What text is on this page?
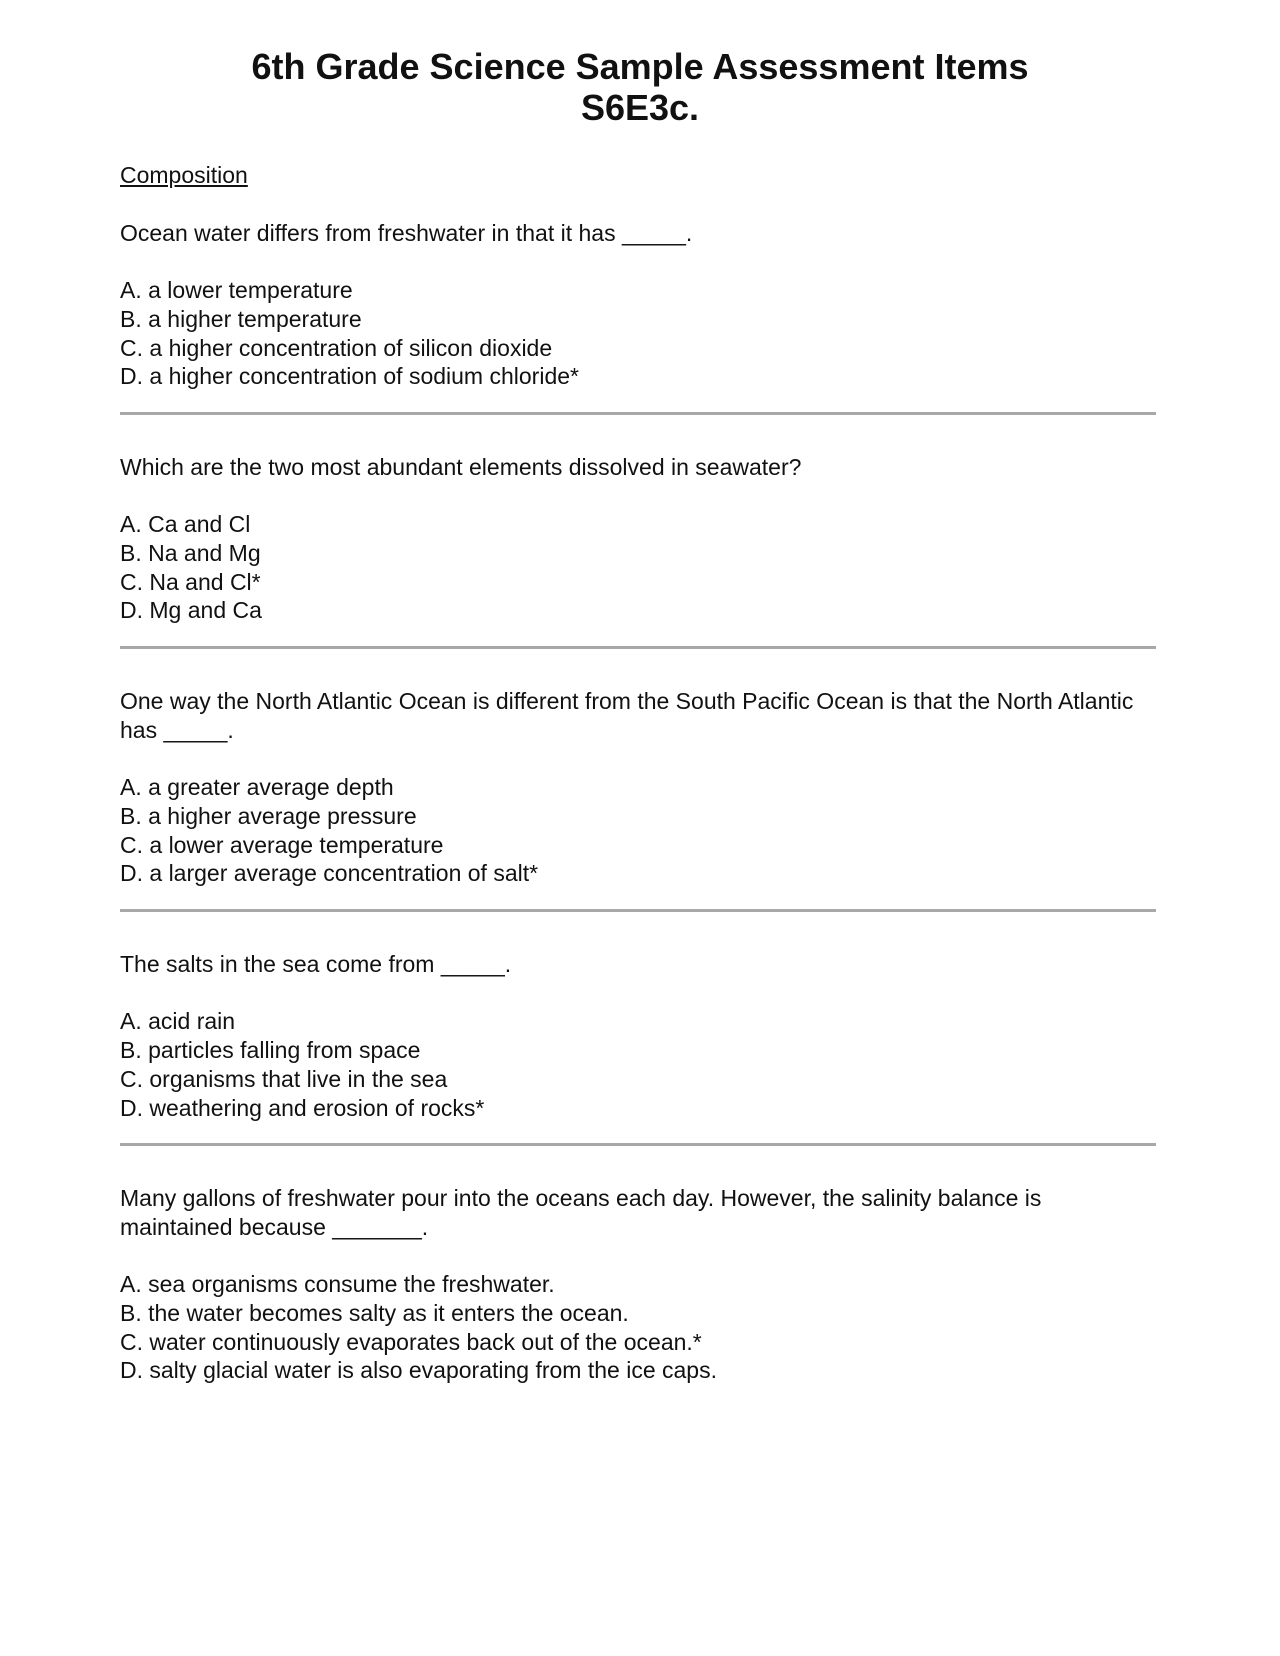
6th Grade Science Sample Assessment Items
S6E3c.
Composition
Ocean water differs from freshwater in that it has _____.
A. a lower temperature
B. a higher temperature
C. a higher concentration of silicon dioxide
D. a higher concentration of sodium chloride*
Which are the two most abundant elements dissolved in seawater?
A. Ca and Cl
B. Na and Mg
C. Na and Cl*
D. Mg and Ca
One way the North Atlantic Ocean is different from the South Pacific Ocean is that the North Atlantic has _____.
A. a greater average depth
B. a higher average pressure
C. a lower average temperature
D. a larger average concentration of salt*
The salts in the sea come from _____.
A. acid rain
B. particles falling from space
C. organisms that live in the sea
D. weathering and erosion of rocks*
Many gallons of freshwater pour into the oceans each day. However, the salinity balance is maintained because _______.
A. sea organisms consume the freshwater.
B. the water becomes salty as it enters the ocean.
C. water continuously evaporates back out of the ocean.*
D. salty glacial water is also evaporating from the ice caps.
